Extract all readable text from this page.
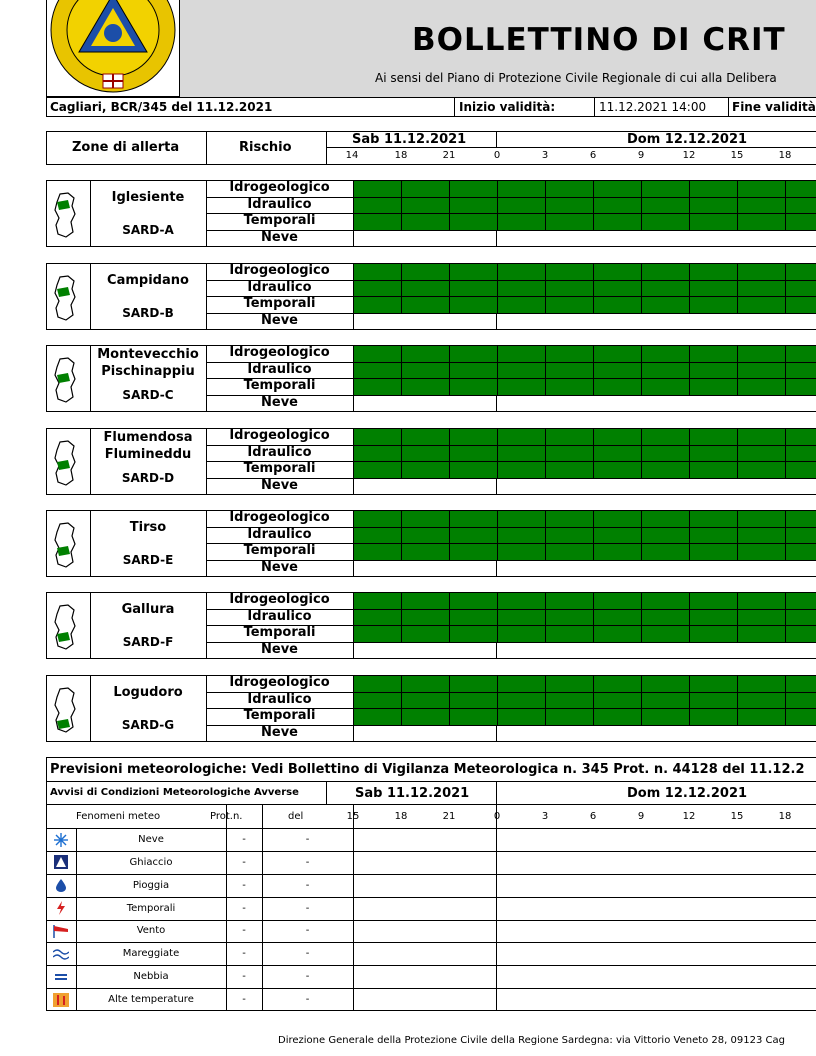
BOLLETTINO DI CRIT
Ai sensi del Piano di Protezione Civile Regionale di cui alla Delibera
Cagliari, BCR/345 del 11.12.2021	Inizio validità:	11.12.2021 14:00 Fine validità
Zone di allerta	Rischio
Sab 11.12.2021	Dom 12.12.2021
14	18	21	0	3	6	9	12	15	18
Iglesiente
SARD-A
Idrogeologico
Idraulico
Temporali
Neve
Campidano
SARD-B
Idrogeologico
Idraulico
Temporali
Neve
Montevecchio
Pischinappiu
SARD-C
Idrogeologico
Idraulico
Temporali
Neve
Flumendosa
Flumineddu
SARD-D
Idrogeologico
Idraulico
Temporali
Neve
Tirso
SARD-E
Idrogeologico
Idraulico
Temporali
Neve
Gallura
SARD-F
Idrogeologico
Idraulico
Temporali
Neve
Logudoro
SARD-G
Idrogeologico
Idraulico
Temporali
Neve
Previsioni meteorologiche: Vedi Bollettino di Vigilanza Meteorologica n. 345 Prot. n. 44128 del 11.12.2
Avvisi di Condizioni Meteorologiche Avverse	Sab 11.12.2021	Dom 12.12.2021
Fenomeni meteo	Prot.n.	del	15	18	21	0	3	6	9	12	15	18
Neve	-	-
Ghiaccio	-	-
Pioggia	-	-
Temporali	-	-
Vento	-	-
Mareggiate	-	-
Nebbia	-	-
Alte temperature	-	-
Direzione Generale della Protezione Civile della Regione Sardegna: via Vittorio Veneto 28, 09123 Cag
